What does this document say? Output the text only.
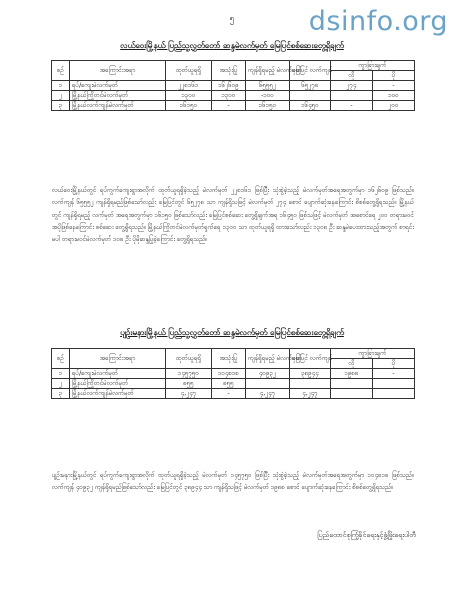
dsinfo.org
၅
လယ်ဝေးမြို့နယ် ပြည်သူ့လွှတ်တော် ဆန္ဒမဲလက်မှတ် မြေပြင်စစ်ဆေးတွေ့ရှိချက်
စဉ်	အကြောင်းအရာ	ထုတ်ယူရရှိ	အသုံးပြု	ကျန်ရှိရမည့် မဲလက်မှတ်	မြေပြင် လက်ကျန်	ကွာခြားချက်	
						လို	ပို
၁	ရပ်/ကျေးမဲလက်မှတ်	၂၂၈၁၆၁	၁၆၂၆၀၉	၆၅၅၅၂	၆၅၂၇၈	၂၇၄	-
၂	မြို့နယ်ကြိုတင်မဲလက်မှတ်	၁၃၀၀	၁၃၀၀	-၁၀၀			၁၀၀
၃	မြို့နယ်လက်ကျန်မဲလက်မှတ်	၁၆၁၅၀	-	၁၆၁၅၀	၁၆၄၅၀	-	၂၀၀

လယ်ဝေးမြို့နယ်တွင် ရပ်ကွက်ကျေးရွာအလိုက် ထုတ်ယူရရှိခဲ့သည့် မဲလက်မှတ် ၂၂၈၁၆၁ ဖြစ်ပြီး သုံးစွဲခဲ့သည့် မဲလက်မှတ်အရေအတွက်မှာ ၁၆၂၆၀၉ ဖြစ်သည်။ လက်ကျန် ၆၅၅၅၂ ကျန်ရှိရမည်ဖြစ်သော်လည်း မြေပြင်တွင် ၆၅၂၇၈ သာ ကျန်ရှိသဖြင့် မဲလက်မှတ် ၂၇၄ စောင် ပျောက်ဆုံးနေကြောင်း စိစစ်တွေ့ရှိရသည်။ မြို့နယ်တွင် ကျန်ရှိရမည့် လက်မှတ် အရေအတွက်မှာ ၁၆၁၅၀ ဖြစ်သော်လည်း မြေပြင်စစ်ဆေး တွေ့ရှိချက်အရ ၁၆၄၅၀ ဖြစ်သဖြင့် မဲလက်မှတ် အစောင်ရေ ၂၀၀ တရားမဝင် အပိုဖြစ်နေကြောင်း စစ်ဆေး တွေ့ရှိရသည်။ မြို့နယ်ကြိုတင်မဲလက်မှတ်ရှက်ရေ ၁၃၀၀ သာ ထုတ်ယူရရှိ ထားသော်လည်း ၁၃၀၈ ဦး ဆန္ဒမဲပေးထားသည့်အတွက် စာရင်းမပါ တရားမဝင်မဲလက်မှတ် ၁၀၈ ဦး ပိုမိုဆန္ဒပြုခဲ့ကြောင်း တွေ့ရှိရသည်။

ပျဉ်းမနားမြို့နယ် ပြည်သူ့လွှတ်တော် ဆန္ဒမဲလက်မှတ် မြေပြင်စစ်ဆေးတွေ့ရှိချက်
စဉ်	အကြောင်းအရာ	ထုတ်ယူရရှိ	အသုံးပြု	ကျန်ရှိရမည့် မဲလက်မှတ်	မြေပြင် လက်ကျန်	ကွာခြားချက်	
						လို	ပို
၁	ရပ်/ကျေးမဲလက်မှတ်	၁၄၅၇၅၀	၁၀၄၈၁၈	၄၀၉၃၂	၃၈၉၄၄	၁၉၈၈	-
၂	မြို့နယ်ကြိုတင်မဲလက်မှတ်	၈၅၅	၈၅၅				
၃	မြို့နယ်လက်ကျန်မဲလက်မှတ်	၄,၂၄၇	-	၄,၂၄၇	၄,၂၄၇		

ပျဉ်းမနားမြို့နယ်တွင် ရပ်ကွက်ကျေးရွာအလိုက် ထုတ်ယူရရှိခဲ့သည့် မဲလက်မှတ် ၁၄၅၇၅၀ ဖြစ်ပြီး သုံးစွဲခဲ့သည့် မဲလက်မှတ်အရေအတွက်မှာ ၁၀၄၈၁၈ ဖြစ်သည်။ လက်ကျန် ၄၀၉၃၂ ကျန်ရှိရမည်ဖြစ်သော်လည်း မြေပြင်တွင် ၃၈၉၄၄ သာ ကျန်ရှိသဖြင့် မဲလက်မှတ် ၁၉၈၈ စောင် ပျောက်ဆုံးနေကြောင်း စိစစ်တွေ့ရှိရသည်။

ပြည်ထောင်စုကြံ့ခိုင်ရေးနှင့်ဖွံ့ဖြိုးရေးပါတီ
